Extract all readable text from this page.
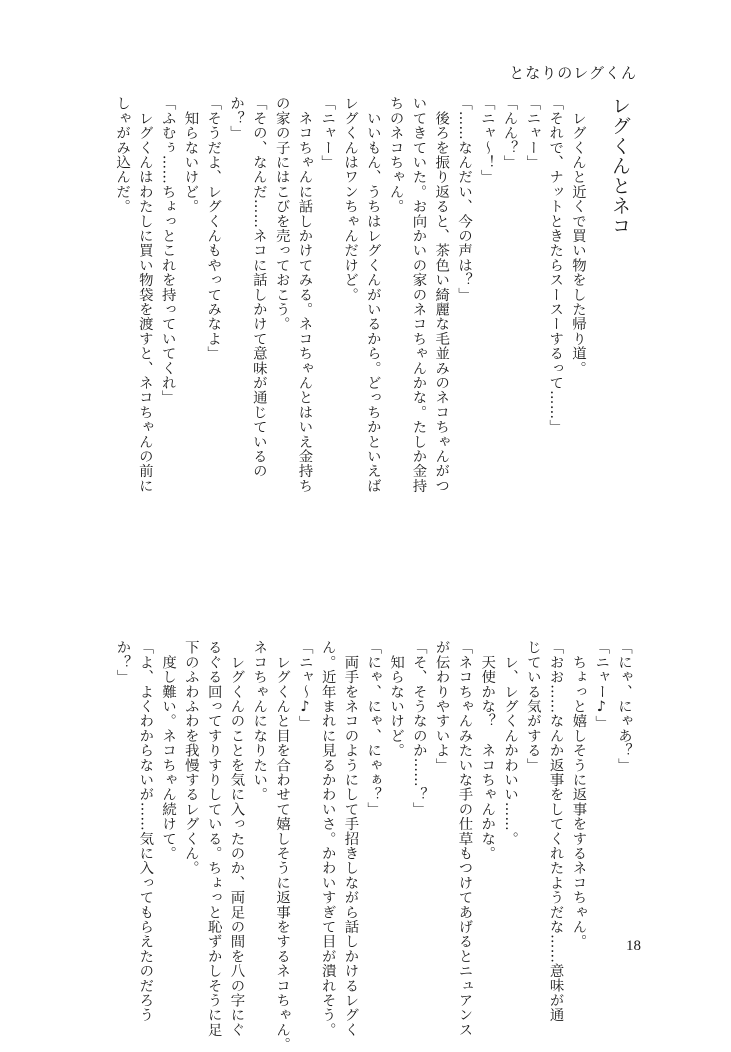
となりのレグくん
レグくんとネコ
　レグくんと近くで買い物をした帰り道。
「それで、ナットときたらスースーするって……」
「ニャー」
「んん？」
「ニャ〜！」
「……なんだい、今の声は？」
　後ろを振り返ると、茶色い綺麗な毛並みのネコちゃんがつ
いてきていた。お向かいの家のネコちゃんかな。たしか金持
ちのネコちゃん。
　いいもん、うちはレグくんがいるから。どっちかといえば
レグくんはワンちゃんだけど。
「ニャー」
　ネコちゃんに話しかけてみる。ネコちゃんとはいえ金持ち
の家の子にはこびを売っておこう。
「その、なんだ……ネコに話しかけて意味が通じているの
か？」
「そうだよ、レグくんもやってみなよ」
　知らないけど。
「ふむぅ……ちょっとこれを持っていてくれ」
　レグくんはわたしに買い物袋を渡すと、ネコちゃんの前に
しゃがみ込んだ。
「にゃ、にゃあ？」
「ニャー♪」
　ちょっと嬉しそうに返事をするネコちゃん。
「おお……なんか返事をしてくれたようだな……意味が通
じている気がする」
　レ、レグくんかわいい……。
　天使かな？　ネコちゃんかな。
「ネコちゃんみたいな手の仕草もつけてあげるとニュアンス
が伝わりやすいよ」
「そ、そうなのか……？」
　知らないけど。
「にゃ、にゃ、にゃぁ？」
　両手をネコのようにして手招きしながら話しかけるレグく
ん。近年まれに見るかわいさ。かわいすぎて目が潰れそう。
「ニャ〜♪」
　レグくんと目を合わせて嬉しそうに返事をするネコちゃん。
ネコちゃんになりたい。
　レグくんのことを気に入ったのか、両足の間を八の字にぐ
るぐる回ってすりすりしている。ちょっと恥ずかしそうに足
下のふわふわを我慢するレグくん。
　度し難い。ネコちゃん続けて。
「よ、よくわからないが……気に入ってもらえたのだろう
か？」
18
